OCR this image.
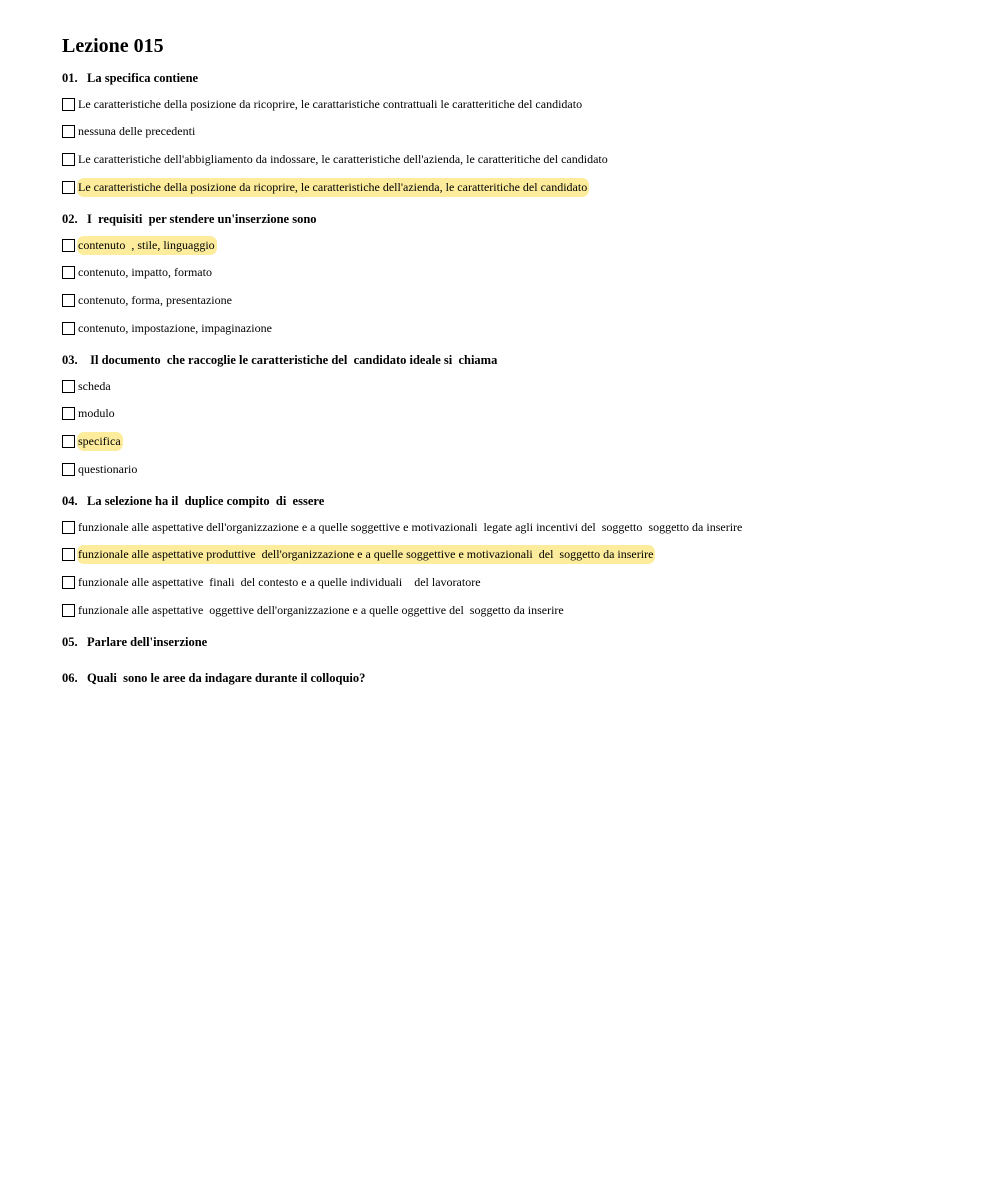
Lezione 015
01. La specifica contiene
Le caratteristiche della posizione da ricoprire, le carattaristiche contrattuali le caratteritiche del candidato
nessuna delle precedenti
Le caratteristiche dell'abbigliamento da indossare, le caratteristiche dell'azienda, le caratteritiche del candidato
Le caratteristiche della posizione da ricoprire, le caratteristiche dell'azienda, le caratteritiche del candidato
02. I  requisiti  per stendere un'inserzione sono
contenuto  , stile, linguaggio
contenuto, impatto, formato
contenuto, forma, presentazione
contenuto, impostazione, impaginazione
03. Il documento  che raccoglie le caratteristiche del  candidato ideale si  chiama
scheda
modulo
specifica
questionario
04. La selezione ha il  duplice compito  di  essere
funzionale alle aspettative dell'organizzazione e a quelle soggettive e motivazionali  legate agli incentivi del  soggetto  soggetto da inserire
funzionale alle aspettative produttive  dell'organizzazione e a quelle soggettive e motivazionali  del  soggetto da inserire
funzionale alle aspettative  finali  del contesto e a quelle individuali    del lavoratore
funzionale alle aspettative  oggettive dell'organizzazione e a quelle oggettive del  soggetto da inserire
05. Parlare dell'inserzione
06. Quali  sono le aree da indagare durante il colloquio?
